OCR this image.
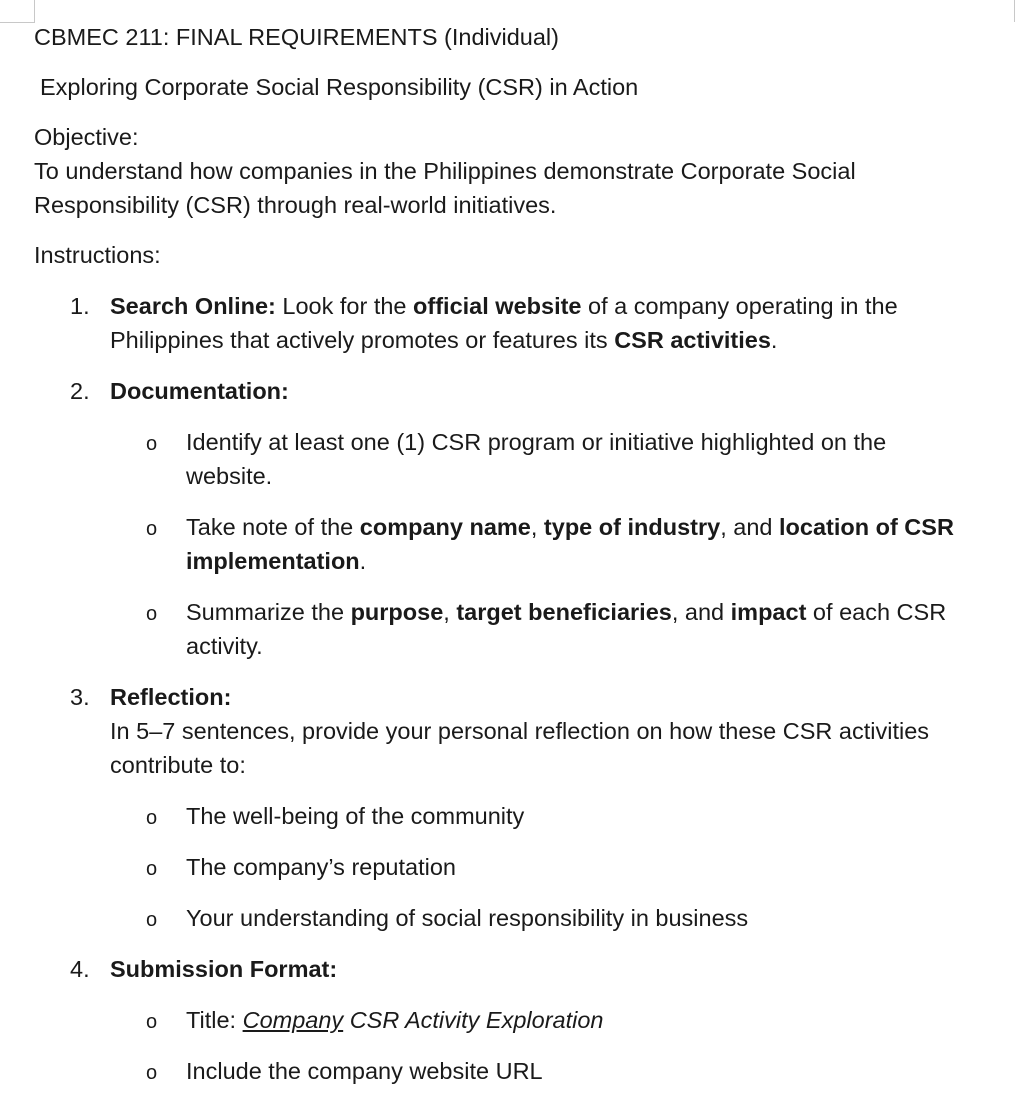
CBMEC 211: FINAL REQUIREMENTS (Individual)
Exploring Corporate Social Responsibility (CSR) in Action
Objective:
To understand how companies in the Philippines demonstrate Corporate Social
Responsibility (CSR) through real-world initiatives.
Instructions:
1. Search Online: Look for the official website of a company operating in the
Philippines that actively promotes or features its CSR activities.
2. Documentation:
o Identify at least one (1) CSR program or initiative highlighted on the
website.
o Take note of the company name, type of industry, and location of CSR
implementation.
o Summarize the purpose, target beneficiaries, and impact of each CSR
activity.
3. Reflection:
In 5–7 sentences, provide your personal reflection on how these CSR activities
contribute to:
o The well-being of the community
o The company’s reputation
o Your understanding of social responsibility in business
4. Submission Format:
o Title: Company CSR Activity Exploration
o Include the company website URL
